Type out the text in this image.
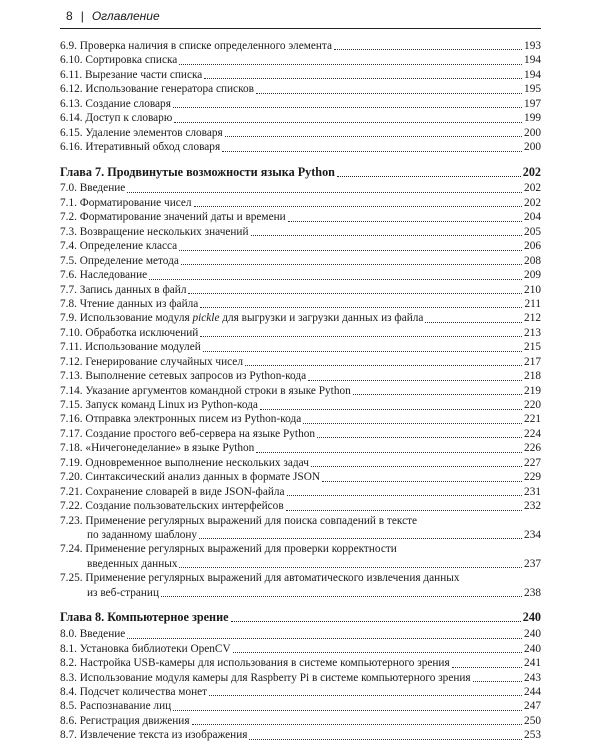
8 | Оглавление
6.9. Проверка наличия в списке определенного элемента	193
6.10. Сортировка списка	194
6.11. Вырезание части списка	194
6.12. Использование генератора списков	195
6.13. Создание словаря	197
6.14. Доступ к словарю	199
6.15. Удаление элементов словаря	200
6.16. Итеративный обход словаря	200
Глава 7. Продвинутые возможности языка Python	202
7.0. Введение	202
7.1. Форматирование чисел	202
7.2. Форматирование значений даты и времени	204
7.3. Возвращение нескольких значений	205
7.4. Определение класса	206
7.5. Определение метода	208
7.6. Наследование	209
7.7. Запись данных в файл	210
7.8. Чтение данных из файла	211
7.9. Использование модуля pickle для выгрузки и загрузки данных из файла	212
7.10. Обработка исключений	213
7.11. Использование модулей	215
7.12. Генерирование случайных чисел	217
7.13. Выполнение сетевых запросов из Python-кода	218
7.14. Указание аргументов командной строки в языке Python	219
7.15. Запуск команд Linux из Python-кода	220
7.16. Отправка электронных писем из Python-кода	221
7.17. Создание простого веб-сервера на языке Python	224
7.18. «Ничегонеделание» в языке Python	226
7.19. Одновременное выполнение нескольких задач	227
7.20. Синтаксический анализ данных в формате JSON	229
7.21. Сохранение словарей в виде JSON-файла	231
7.22. Создание пользовательских интерфейсов	232
7.23. Применение регулярных выражений для поиска совпадений в тексте
по заданному шаблону	234
7.24. Применение регулярных выражений для проверки корректности
введенных данных	237
7.25. Применение регулярных выражений для автоматического извлечения данных
из веб-страниц	238
Глава 8. Компьютерное зрение	240
8.0. Введение	240
8.1. Установка библиотеки OpenCV	240
8.2. Настройка USB-камеры для использования в системе компьютерного зрения	241
8.3. Использование модуля камеры для Raspberry Pi в системе компьютерного зрения	243
8.4. Подсчет количества монет	244
8.5. Распознавание лиц	247
8.6. Регистрация движения	250
8.7. Извлечение текста из изображения	253
